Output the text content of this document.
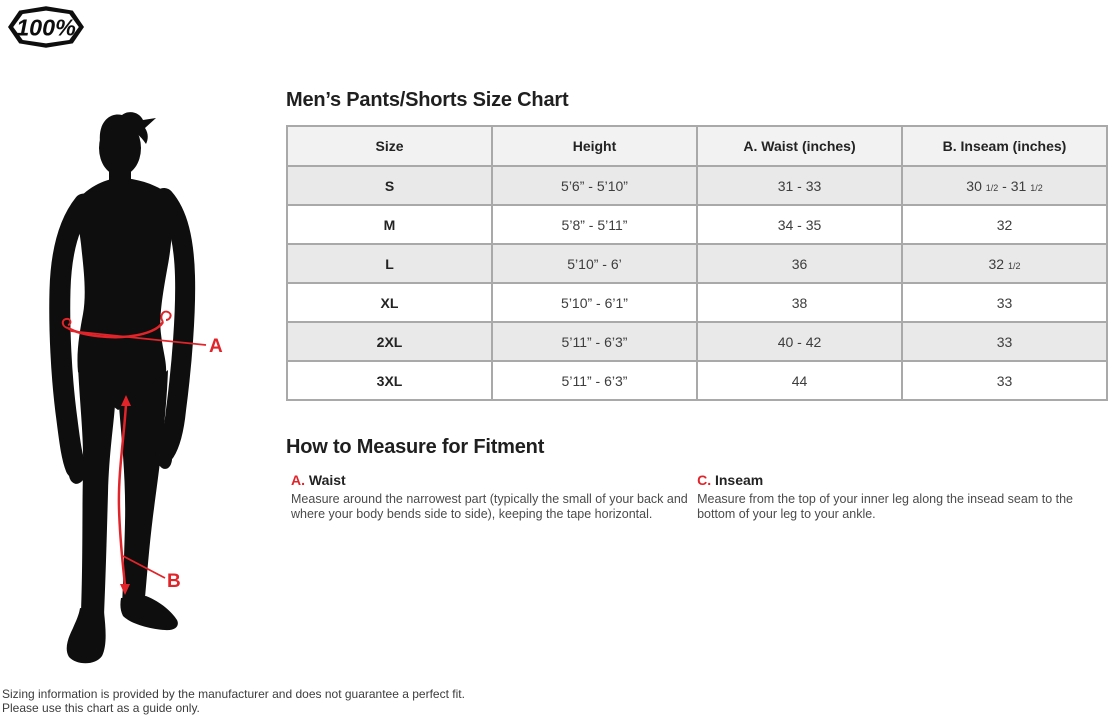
100%
A
B
Men’s Pants/Shorts Size Chart
Size	Height	A. Waist (inches)	B. Inseam (inches)
S	5’6” - 5’10”	31 - 33	30 1/2 - 31 1/2
M	5’8” - 5’11”	34 - 35	32
L	5’10” - 6’	36	32 1/2
XL	5’10” - 6’1”	38	33
2XL	5’11” - 6’3”	40 - 42	33
3XL	5’11” - 6’3”	44	33
How to Measure for Fitment
A. Waist

Measure around the narrowest part (typically the small of your back and where your body bends side to side), keeping the tape horizontal.

C. Inseam

Measure from the top of your inner leg along the insead seam to the bottom of your leg to your ankle.

Sizing information is provided by the manufacturer and does not guarantee a perfect fit.
Please use this chart as a guide only.
